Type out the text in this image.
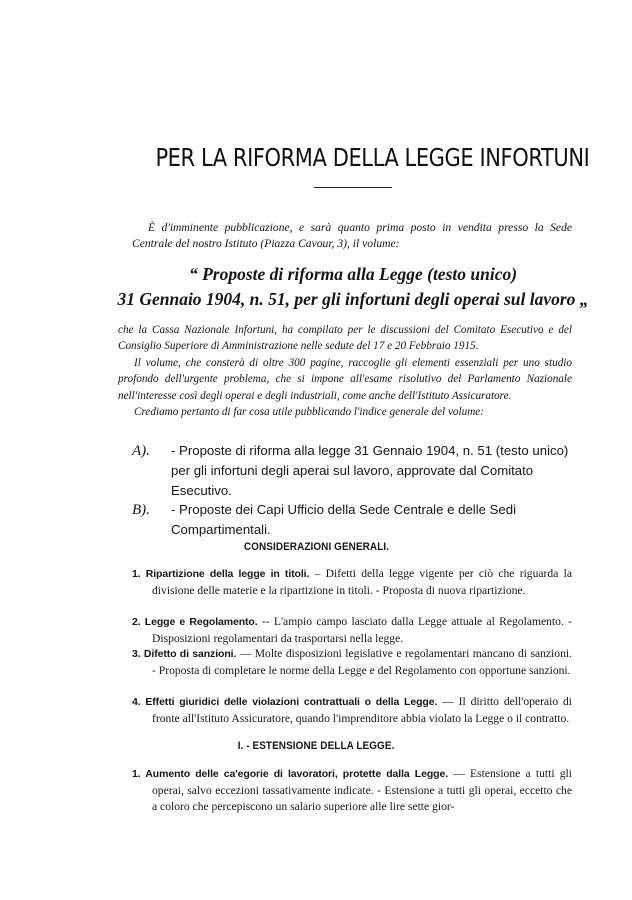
PER LA RIFORMA DELLA LEGGE INFORTUNI

È d'imminente pubblicazione, e sarà quanto prima posto in vendita presso la Sede Centrale del nostro Istituto (Piazza Cavour, 3), il volume:

“ Proposte di riforma alla Legge (testo unico)
31 Gennaio 1904, n. 51, per gli infortuni degli operai sul lavoro „

che la Cassa Nazionale Infortuni, ha compilato per le discussioni del Comitato Esecutivo e del Consiglio Superiore di Amministrazione nelle sedute del 17 e 20 Febbraio 1915.

Il volume, che consterà di oltre 300 pagine, raccoglie gli elementi essenziali per uno studio profondo dell'urgente problema, che si impone all'esame risolutivo del Parlamento Nazionale nell'interesse così degli operai e degli industriali, come anche dell'Istituto Assicuratore.

Crediamo pertanto di far cosa utile pubblicando l'indice generale del volume:

A).	- Proposte di riforma alla legge 31 Gennaio 1904, n. 51 (testo unico) per gli infortuni degli aperai sul lavoro, approvate dal Comitato Esecutivo.
B).	- Proposte dei Capi Ufficio della Sede Centrale e delle Sedi Compartimentali.
CONSIDERAZIONI GENERALI.
1. Ripartizione della legge in titoli. – Difetti della legge vigente per ciò che riguarda la divisione delle materie e la ripartizione in titoli. - Proposta di nuova ripartizione.
2. Legge e Regolamento. -- L'ampio campo lasciato dalla Legge attuale al Regolamento. - Disposizioni regolamentari da trasportarsi nella legge.
3. Difetto di sanzioni. — Molte disposizioni legislative e regolamentari mancano di sanzioni. - Proposta di completare le norme della Legge e del Regolamento con opportune sanzioni.
4. Effetti giuridici delle violazioni contrattuali o della Legge. — Il diritto dell'operaio di fronte all'Istituto Assicuratore, quando l'imprenditore abbia violato la Legge o il contratto.
I. - ESTENSIONE DELLA LEGGE.
1. Aumento delle ca'egorie di lavoratori, protette dalla Legge. — Estensione a tutti gli operai, salvo eccezioni tassativamente indicate. - Estensione a tutti gli operai, eccetto che a coloro che percepiscono un salario superiore alle lire sette gior-
